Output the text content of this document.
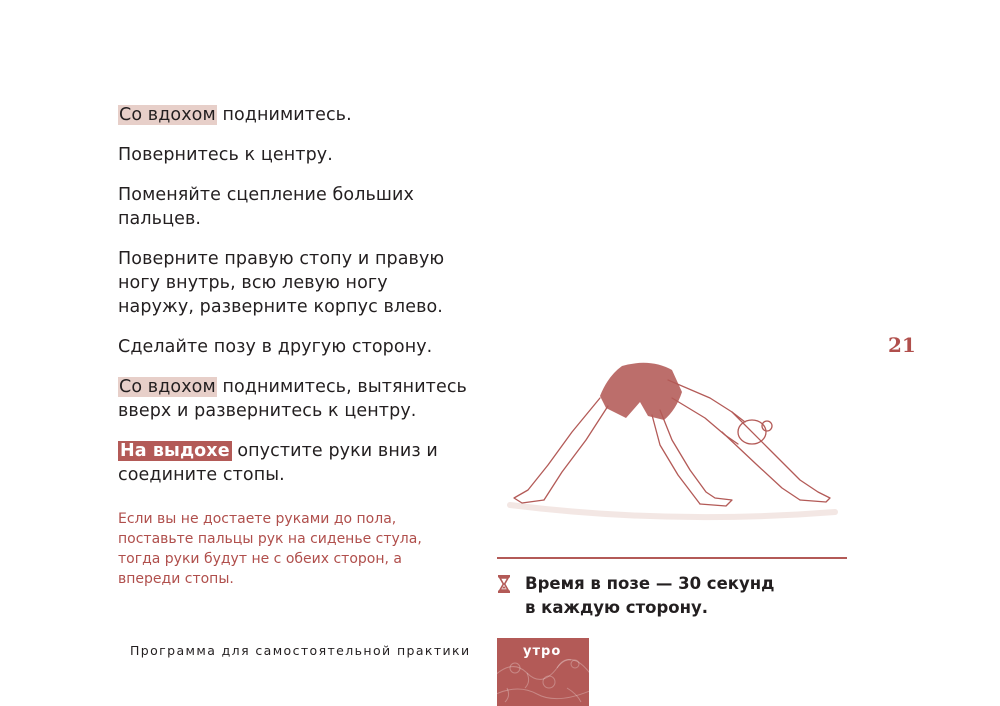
Со вдохом поднимитесь.

Повернитесь к центру.

Поменяйте сцепление больших пальцев.

Поверните правую стопу и правую ногу внутрь, всю левую ногу наружу, разверните корпус влево.

Сделайте позу в другую сторону.

Со вдохом поднимитесь, вытянитесь вверх и развернитесь к центру.

На выдохе опустите руки вниз и соедините стопы.

Если вы не достаете руками до пола, поставьте пальцы рук на сиденье стула, тогда руки будут не с обеих сторон, а впереди стопы.
21
Время в позе — 30 секунд
в каждую сторону.
Программа для самостоятельной практики	утро
